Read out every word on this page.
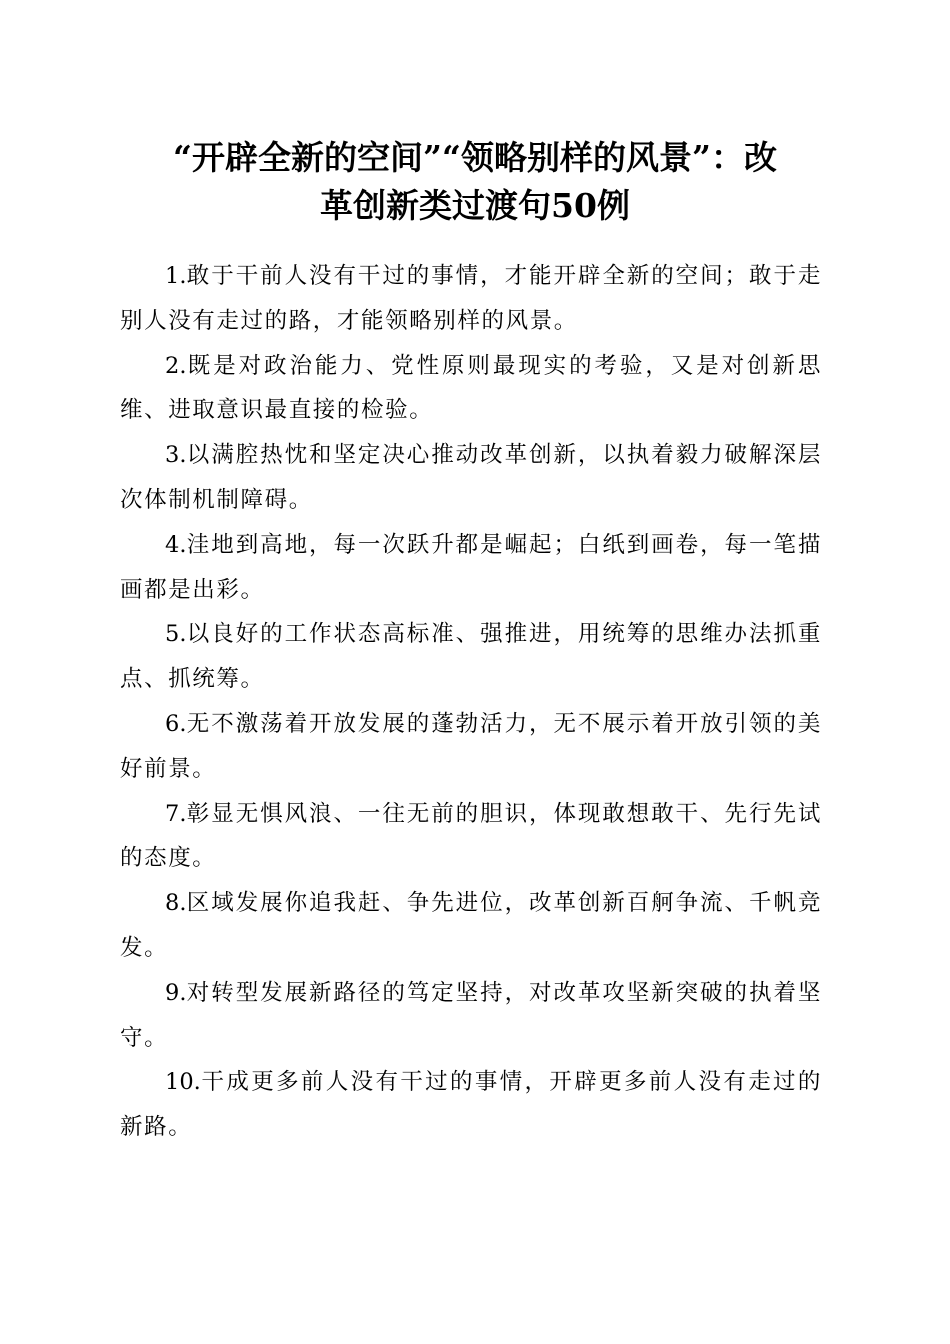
“开辟全新的空间”“领略别样的风景”：改
革创新类过渡句50例

1.敢于干前人没有干过的事情，才能开辟全新的空间；敢于走别人没有走过的路，才能领略别样的风景。

2.既是对政治能力、党性原则最现实的考验，又是对创新思维、进取意识最直接的检验。

3.以满腔热忱和坚定决心推动改革创新，以执着毅力破解深层次体制机制障碍。

4.洼地到高地，每一次跃升都是崛起；白纸到画卷，每一笔描画都是出彩。

5.以良好的工作状态高标准、强推进，用统筹的思维办法抓重点、抓统筹。

6.无不激荡着开放发展的蓬勃活力，无不展示着开放引领的美好前景。

7.彰显无惧风浪、一往无前的胆识，体现敢想敢干、先行先试的态度。

8.区域发展你追我赶、争先进位，改革创新百舸争流、千帆竞发。

9.对转型发展新路径的笃定坚持，对改革攻坚新突破的执着坚守。

10.干成更多前人没有干过的事情，开辟更多前人没有走过的新路。
